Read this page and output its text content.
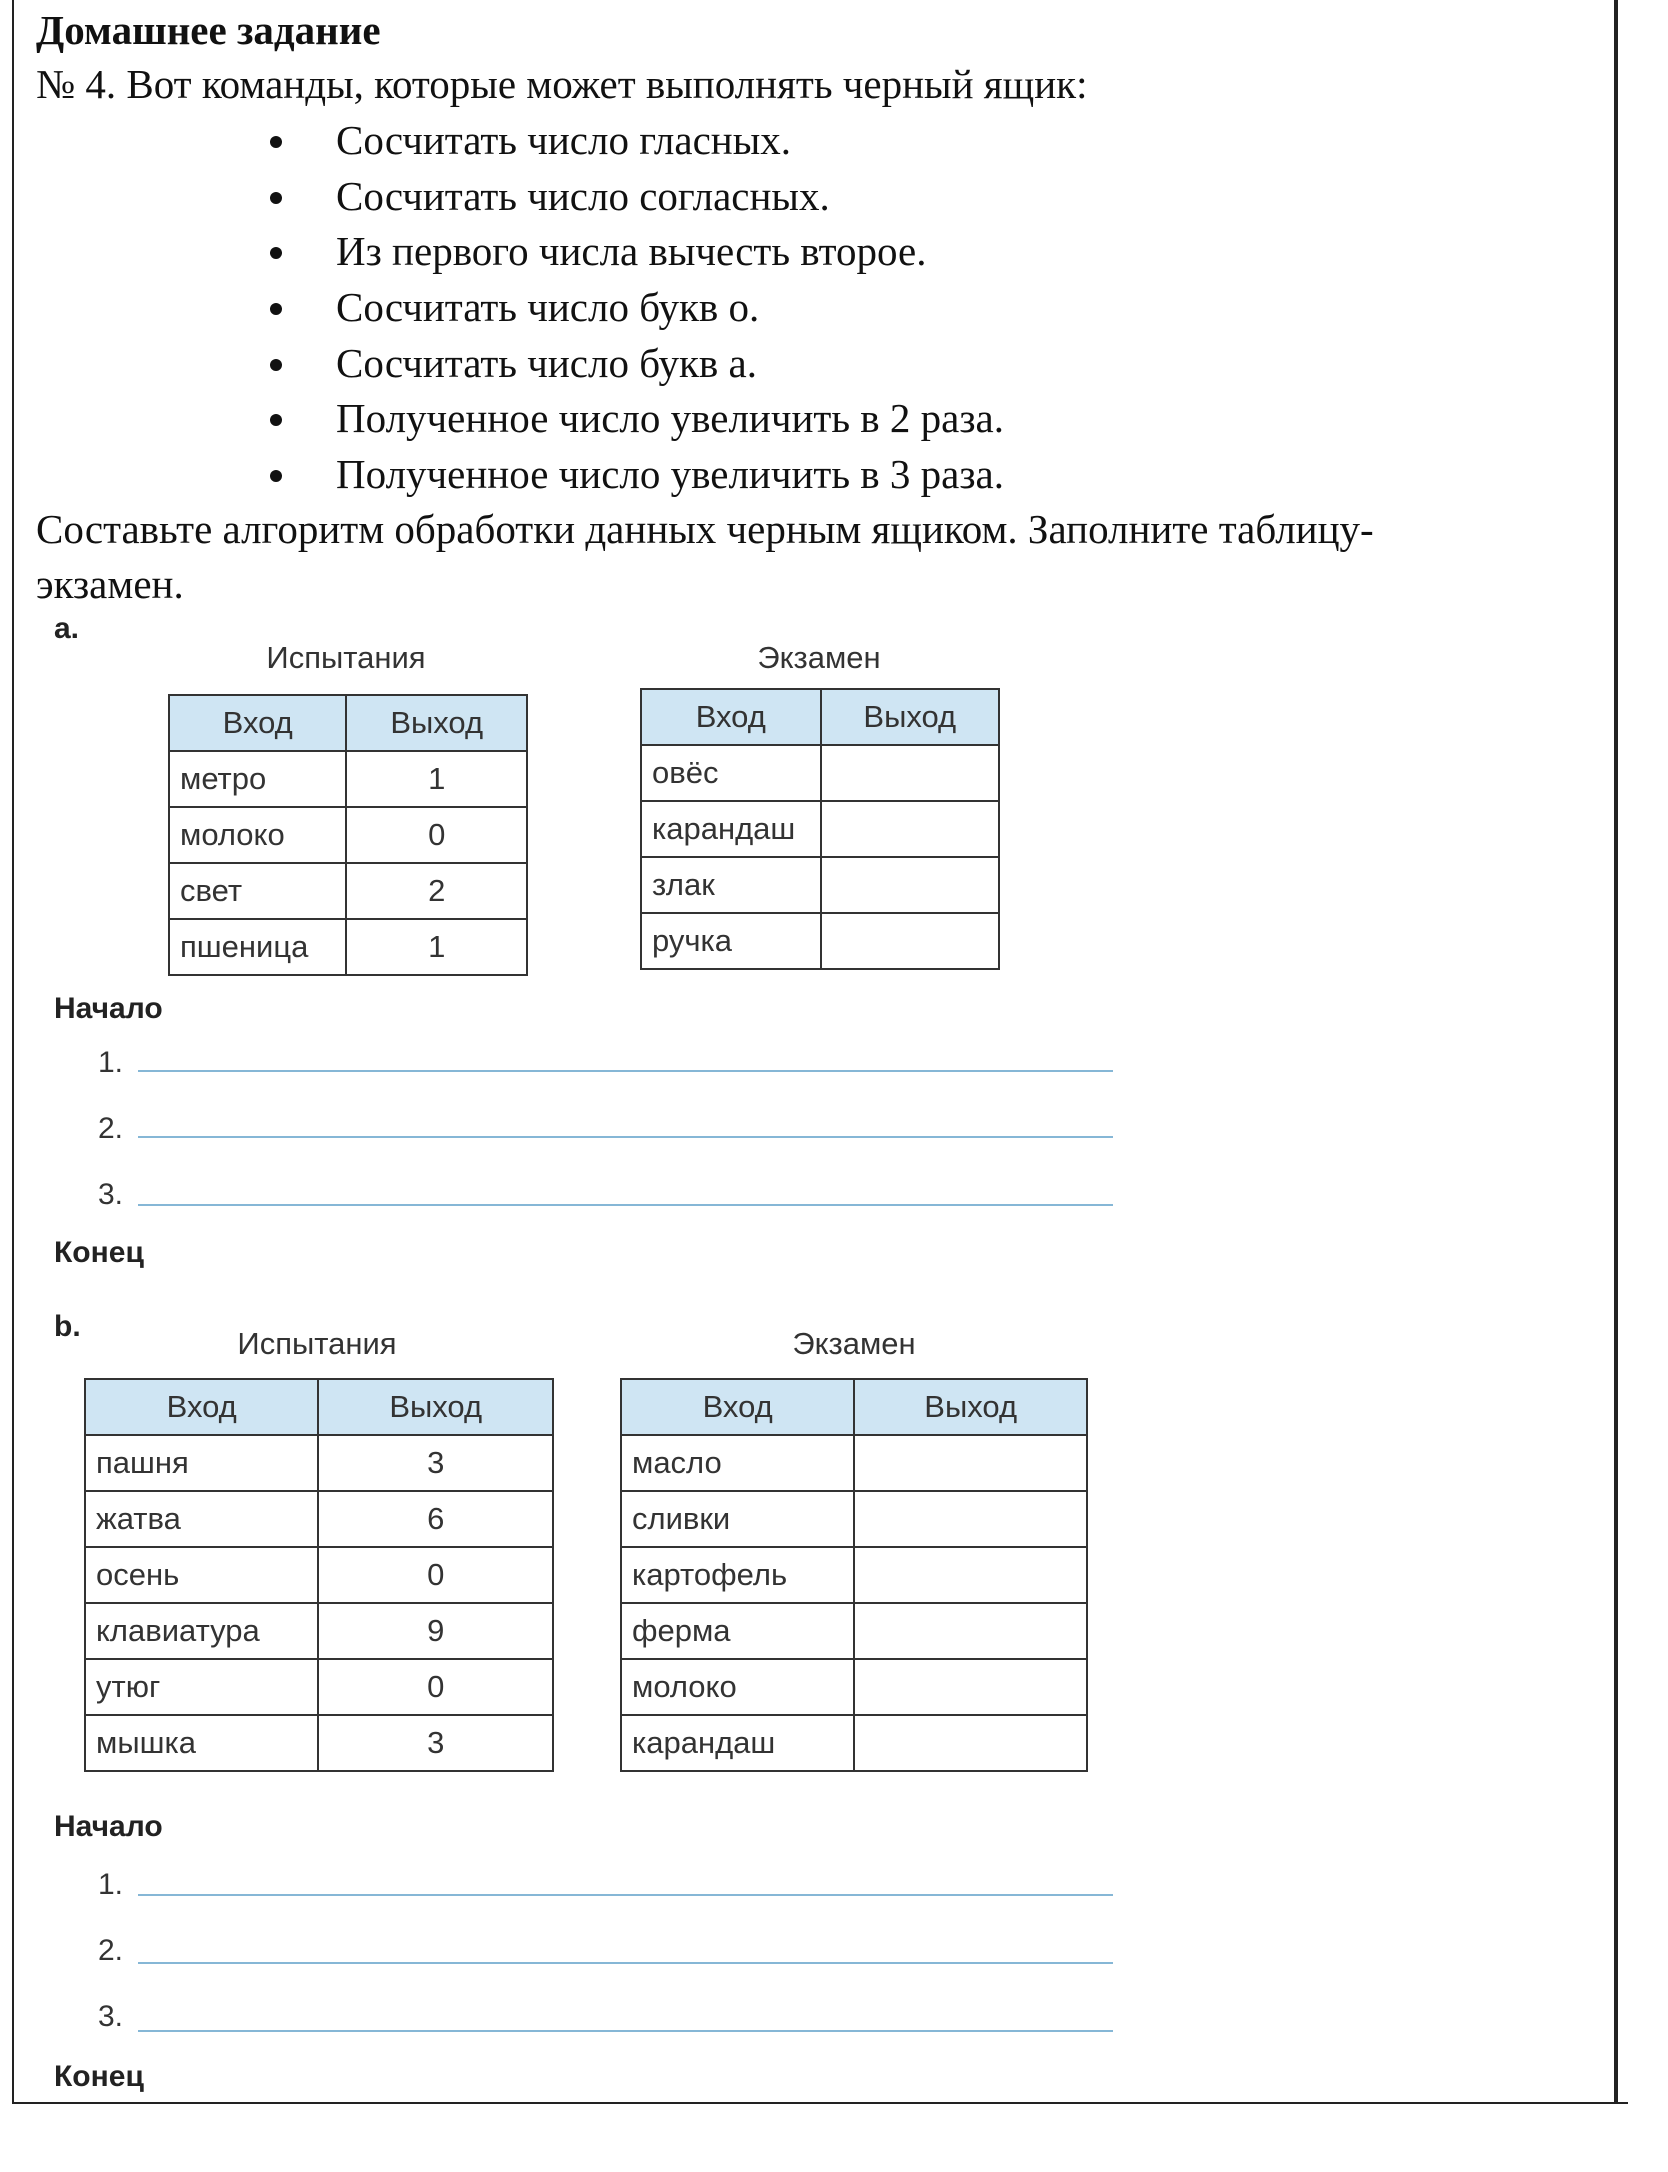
Домашнее задание
№ 4. Вот команды, которые может выполнять черный ящик:
Сосчитать число гласных.
Сосчитать число согласных.
Из первого числа вычесть второе.
Сосчитать число букв о.
Сосчитать число букв а.
Полученное число увеличить в 2 раза.
Полученное число увеличить в 3 раза.
Составьте алгоритм обработки данных черным ящиком. Заполните таблицу-
экзамен.
a.
Испытания	Экзамен
Вход	Выход
метро	1
молоко	0
свет	2
пшеница	1
Вход	Выход
овёс	
карандаш	
злак	
ручка	
Начало
1.
2.
3.
Конец
b.	Испытания	Экзамен
Вход	Выход
пашня	3
жатва	6
осень	0
клавиатура	9
утюг	0
мышка	3
Вход	Выход
масло	
сливки	
картофель	
ферма	
молоко	
карандаш	
Начало
1.
2.
3.
Конец
